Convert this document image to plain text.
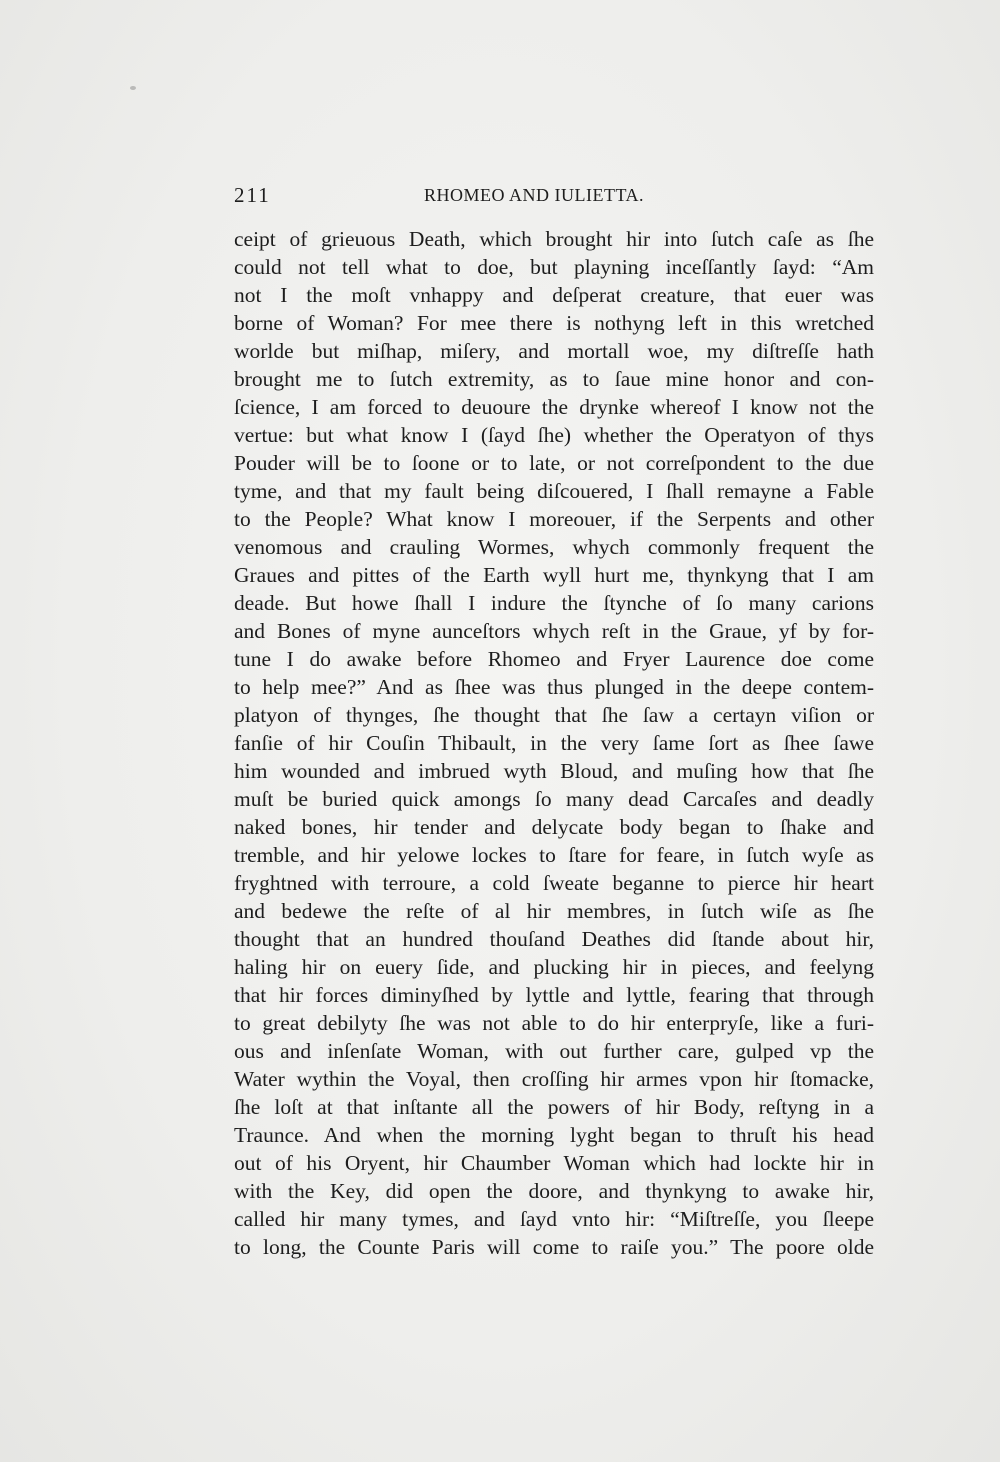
211	RHOMEO AND IULIETTA.
ceipt of grieuous Death, which brought hir into ſutch caſe as ſhe
could not tell what to doe, but playning inceſſantly ſayd: “Am
not I the moſt vnhappy and deſperat creature, that euer was
borne of Woman? For mee there is nothyng left in this wretched
worlde but miſhap, miſery, and mortall woe, my diſtreſſe hath
brought me to ſutch extremity, as to ſaue mine honor and con-
ſcience, I am forced to deuoure the drynke whereof I know not the
vertue: but what know I (ſayd ſhe) whether the Operatyon of thys
Pouder will be to ſoone or to late, or not correſpondent to the due
tyme, and that my fault being diſcouered, I ſhall remayne a Fable
to the People? What know I moreouer, if the Serpents and other
venomous and crauling Wormes, whych commonly frequent the
Graues and pittes of the Earth wyll hurt me, thynkyng that I am
deade. But howe ſhall I indure the ſtynche of ſo many carions
and Bones of myne aunceſtors whych reſt in the Graue, yf by for-
tune I do awake before Rhomeo and Fryer Laurence doe come
to help mee?” And as ſhee was thus plunged in the deepe contem-
platyon of thynges, ſhe thought that ſhe ſaw a certayn viſion or
fanſie of hir Couſin Thibault, in the very ſame ſort as ſhee ſawe
him wounded and imbrued wyth Bloud, and muſing how that ſhe
muſt be buried quick amongs ſo many dead Carcaſes and deadly
naked bones, hir tender and delycate body began to ſhake and
tremble, and hir yelowe lockes to ſtare for feare, in ſutch wyſe as
fryghtned with terroure, a cold ſweate beganne to pierce hir heart
and bedewe the reſte of al hir membres, in ſutch wiſe as ſhe
thought that an hundred thouſand Deathes did ſtande about hir,
haling hir on euery ſide, and plucking hir in pieces, and feelyng
that hir forces diminyſhed by lyttle and lyttle, fearing that through
to great debilyty ſhe was not able to do hir enterpryſe, like a furi-
ous and inſenſate Woman, with out further care, gulped vp the
Water wythin the Voyal, then croſſing hir armes vpon hir ſtomacke,
ſhe loſt at that inſtante all the powers of hir Body, reſtyng in a
Traunce. And when the morning lyght began to thruſt his head
out of his Oryent, hir Chaumber Woman which had lockte hir in
with the Key, did open the doore, and thynkyng to awake hir,
called hir many tymes, and ſayd vnto hir: “Miſtreſſe, you ſleepe
to long, the Counte Paris will come to raiſe you.” The poore olde
